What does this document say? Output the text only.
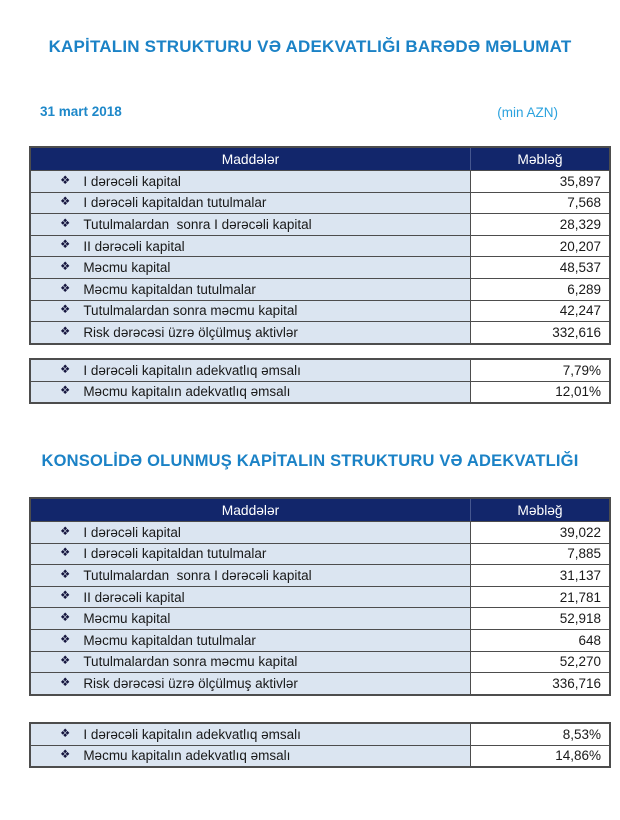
KAPİTALIN STRUKTURU VƏ ADEKVATLIĞI BARƏDƏ MƏLUMAT
31 mart 2018	(min AZN)
Maddələr	Məbləğ
❖ I dərəcəli kapital	35,897
❖ I dərəcəli kapitaldan tutulmalar	7,568
❖ Tutulmalardan  sonra I dərəcəli kapital	28,329
❖ II dərəcəli kapital	20,207
❖ Məcmu kapital	48,537
❖ Məcmu kapitaldan tutulmalar	6,289
❖ Tutulmalardan sonra məcmu kapital	42,247
❖ Risk dərəcəsi üzrə ölçülmuş aktivlər	332,616
❖ I dərəcəli kapitalın adekvatlıq əmsalı	7,79%
❖ Məcmu kapitalın adekvatlıq əmsalı	12,01%
KONSOLİDƏ OLUNMUŞ KAPİTALIN STRUKTURU VƏ ADEKVATLIĞI
Maddələr	Məbləğ
❖ I dərəcəli kapital	39,022
❖ I dərəcəli kapitaldan tutulmalar	7,885
❖ Tutulmalardan  sonra I dərəcəli kapital	31,137
❖ II dərəcəli kapital	21,781
❖ Məcmu kapital	52,918
❖ Məcmu kapitaldan tutulmalar	648
❖ Tutulmalardan sonra məcmu kapital	52,270
❖ Risk dərəcəsi üzrə ölçülmuş aktivlər	336,716
❖ I dərəcəli kapitalın adekvatlıq əmsalı	8,53%
❖ Məcmu kapitalın adekvatlıq əmsalı	14,86%
